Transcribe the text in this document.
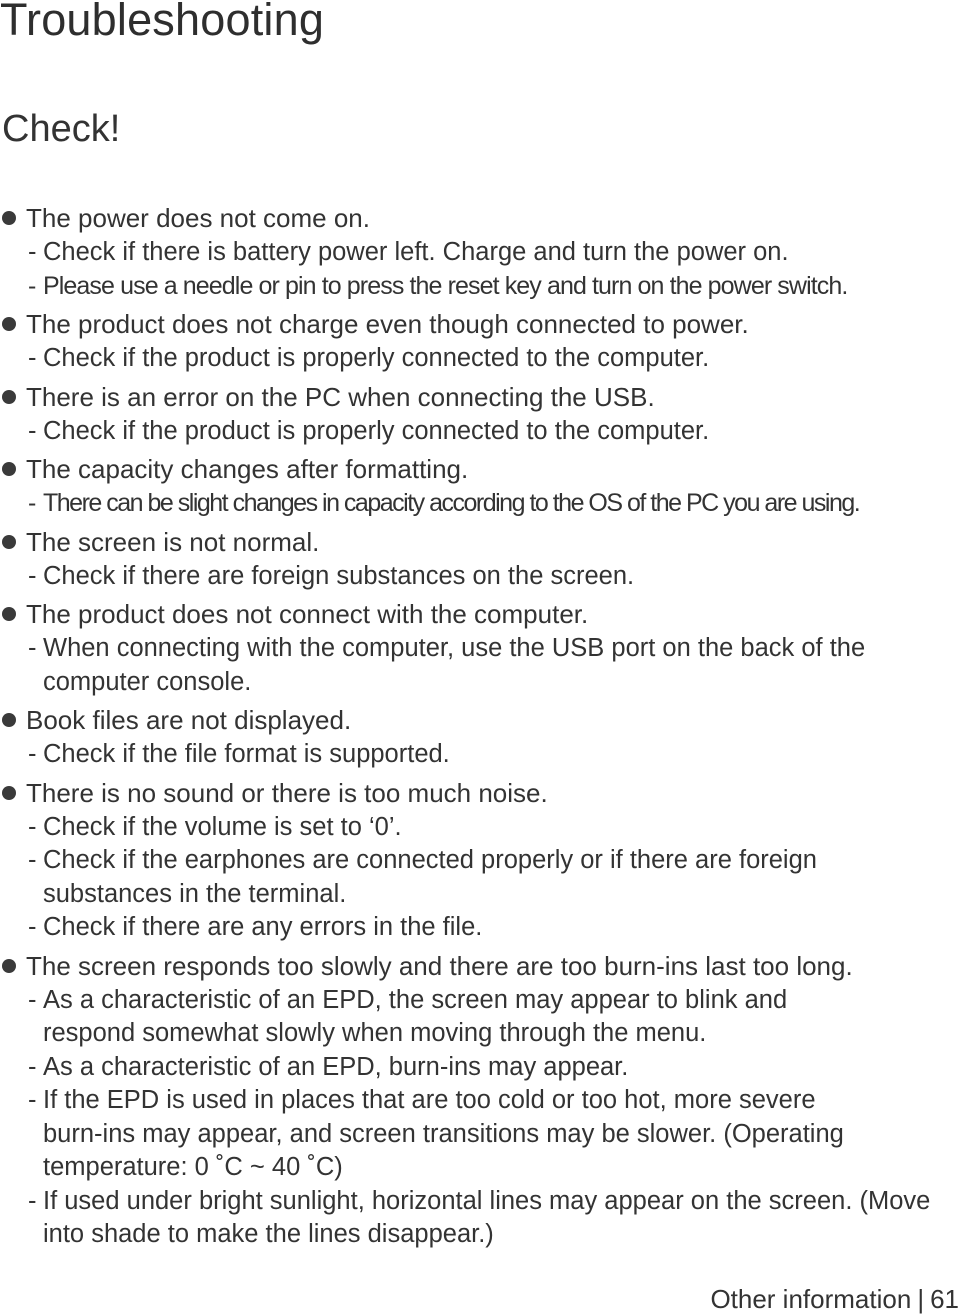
Troubleshooting
Check!
The power does not come on.
- Check if there is battery power left. Charge and turn the power on.
- Please use a needle or pin to press the reset key and turn on the power switch.
The product does not charge even though connected to power.
- Check if the product is properly connected to the computer.
There is an error on the PC when connecting the USB.
- Check if the product is properly connected to the computer.
The capacity changes after formatting.
- There can be slight changes in capacity according to the OS of the PC you are using.
The screen is not normal.
- Check if there are foreign substances on the screen.
The product does not connect with the computer.
- When connecting with the computer, use the USB port on the back of the computer console.
Book files are not displayed.
- Check if the file format is supported.
There is no sound or there is too much noise.
- Check if the volume is set to ‘0’.
- Check if the earphones are connected properly or if there are foreign substances in the terminal.
- Check if there are any errors in the file.
The screen responds too slowly and there are too burn-ins last too long.
- As a characteristic of an EPD, the screen may appear to blink and respond somewhat slowly when moving through the menu.
- As a characteristic of an EPD, burn-ins may appear.
- If the EPD is used in places that are too cold or too hot, more severe burn-ins may appear, and screen transitions may be slower. (Operating temperature: 0 ˚C ~ 40 ˚C)
- If used under bright sunlight, horizontal lines may appear on the screen. (Move into shade to make the lines disappear.)
Other information | 61
